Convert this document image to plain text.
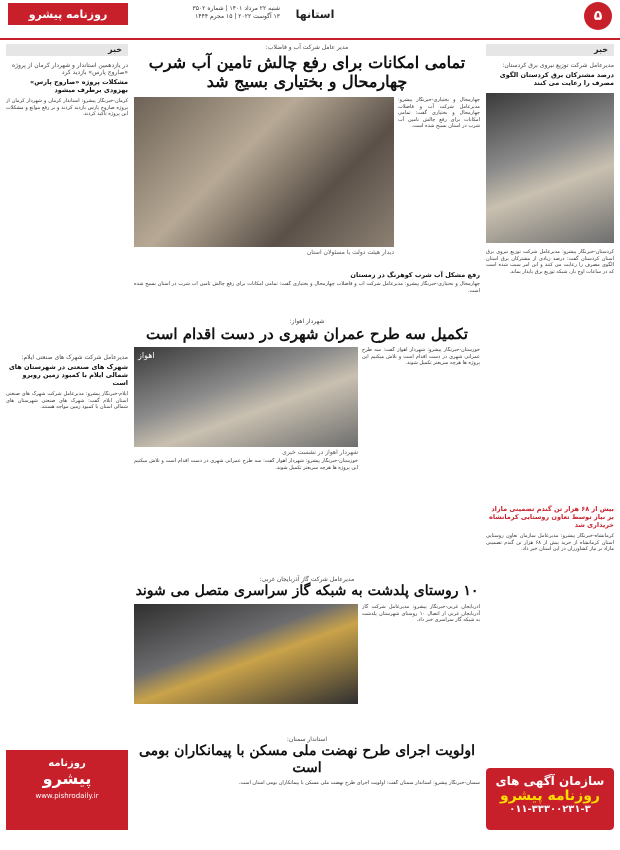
روزنامه پیشرو	شنبه ۲۲ مرداد ۱۴۰۱ | شماره ۳۵۰۲
۱۳ آگوست ۲۰۲۲ | ۱۵ محرم ۱۴۴۴	استانها	۵
خبر
مدیرعامل شرکت توزیع نیروی برق کردستان:
درصد مشترکان برق کردستان الگوی مصرف را رعایت می کنند
کردستان-خبرنگار پیشرو: مدیرعامل شرکت توزیع نیروی برق استان کردستان گفت: درصد زیادی از مشترکان برق استان الگوی مصرف را رعایت می کنند و این امر سبب شده است که در ساعات اوج بار، شبکه توزیع برق پایدار بماند.
بیش از ۶۸ هزار تن گندم تضمینی مازاد بر نیاز توسط تعاون روستایی کرمانشاه خریداری شد
کرمانشاه-خبرنگار پیشرو: مدیرعامل سازمان تعاون روستایی استان کرمانشاه از خرید بیش از ۶۸ هزار تن گندم تضمینی مازاد بر نیاز کشاورزان در این استان خبر داد.
سازمان آگهی های
روزنامه پیشرو
۰۱۱-۳۳۳۰۰۲۳۱-۳
خبر
در یازدهمین استاندار و شهردار کرمان از پروژه «صاروج پارس» بازدید کرد
مشکلات پروژه «صاروج پارس» بهزودی برطرف میشود
کرمان-خبرنگار پیشرو: استاندار کرمان و شهردار کرمان از پروژه صاروج پارس بازدید کردند و بر رفع موانع و مشکلات این پروژه تاکید کردند.
مدیرعامل شرکت شهرک های صنعتی ایلام:
شهرک های صنعتی در شهرستان های شمالی ایلام با کمبود زمین روبرو است
ایلام-خبرنگار پیشرو: مدیرعامل شرکت شهرک های صنعتی استان ایلام گفت: شهرک های صنعتی شهرستان های شمالی استان با کمبود زمین مواجه هستند.
روزنامه
پیشرو
www.pishrodaily.ir
مدیر عامل شرکت آب و فاضلاب:
تمامی امکانات برای رفع چالش تامین آب شرب چهارمحال و بختیاری بسیج شد
چهارمحال و بختیاری-خبرنگار پیشرو: مدیرعامل شرکت آب و فاضلاب چهارمحال و بختیاری گفت: تمامی امکانات برای رفع چالش تامین آب شرب در استان بسیج شده است.
دیدار هیئت دولت با مسئولان استان
رفع مشکل آب شرب کوهرنگ در زمستان
چهارمحال و بختیاری-خبرنگار پیشرو: مدیرعامل شرکت آب و فاضلاب چهارمحال و بختیاری گفت: تمامی امکانات برای رفع چالش تامین آب شرب در استان بسیج شده است.
شهردار اهواز:
تکمیل سه طرح عمران شهری در دست اقدام است
خوزستان-خبرنگار پیشرو: شهردار اهواز گفت: سه طرح عمرانی شهری در دست اقدام است و تلاش میکنیم این پروژه ها هرچه سریعتر تکمیل شوند.
اهواز
شهردار اهواز در نشست خبری
خوزستان-خبرنگار پیشرو: شهردار اهواز گفت: سه طرح عمرانی شهری در دست اقدام است و تلاش میکنیم این پروژه ها هرچه سریعتر تکمیل شوند.
مدیرعامل شرکت گاز آذربایجان غربی:
۱۰ روستای پلدشت به شبکه گاز سراسری متصل می شوند
آذربایجان غربی-خبرنگار پیشرو: مدیرعامل شرکت گاز آذربایجان غربی از اتصال ۱۰ روستای شهرستان پلدشت به شبکه گاز سراسری خبر داد.
استاندار سمنان:
اولویت اجرای طرح نهضت ملی مسکن با پیمانکاران بومی است
سمنان-خبرنگار پیشرو: استاندار سمنان گفت: اولویت اجرای طرح نهضت ملی مسکن با پیمانکاران بومی استان است.
